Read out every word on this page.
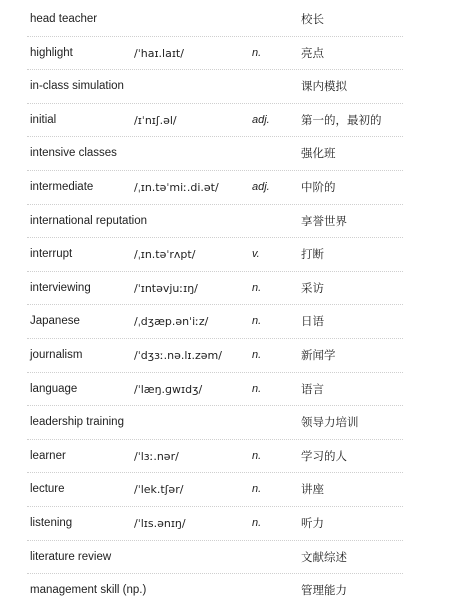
head teacher	校长
highlight	/ˈhaɪ.laɪt/	n.	亮点
in-class simulation	课内模拟
initial	/ɪˈnɪʃ.əl/	adj.	第一的，最初的
intensive classes	强化班
intermediate	/ˌɪn.təˈmiː.di.ət/	adj.	中阶的
international reputation	享誉世界
interrupt	/ˌɪn.təˈrʌpt/	v.	打断
interviewing	/ˈɪntəvjuːɪŋ/	n.	采访
Japanese	/ˌdʒæp.ənˈiːz/	n.	日语
journalism	/ˈdʒɜː.nə.lɪ.zəm/	n.	新闻学
language	/ˈlæŋ.ɡwɪdʒ/	n.	语言
leadership training	领导力培训
learner	/ˈlɜː.nər/	n.	学习的人
lecture	/ˈlek.tʃər/	n.	讲座
listening	/ˈlɪs.ənɪŋ/	n.	听力
literature review	文献综述
management skill (np.)	管理能力
